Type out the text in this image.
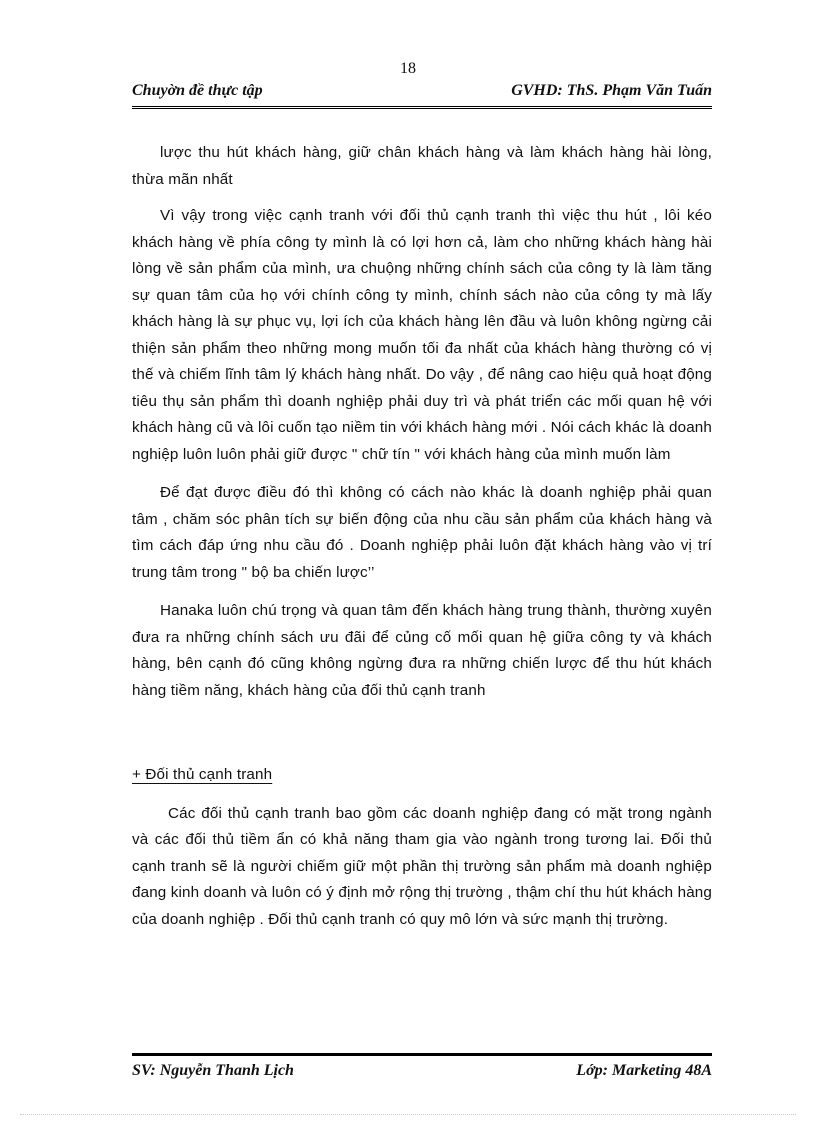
18
Chuyờn đề thực tập	GVHD: ThS. Phạm Văn Tuấn

lược thu hút khách hàng, giữ chân khách hàng và làm khách hàng hài lòng, thừa mãn nhất

Vì vậy trong việc cạnh tranh với đối thủ cạnh tranh thì việc thu hút , lôi kéo khách hàng về phía công ty mình là có lợi hơn cả, làm cho những khách hàng hài lòng về sản phẩm của mình, ưa chuộng những chính sách của công ty là làm tăng sự quan tâm của họ với chính công ty mình, chính sách nào của công ty mà lấy khách hàng là sự phục vụ, lợi ích của khách hàng lên đầu và luôn không ngừng cải thiện sản phẩm theo những mong muốn tối đa nhất của khách hàng thường có vị thế và chiếm lĩnh tâm lý khách hàng nhất. Do vậy , để nâng cao hiệu quả hoạt động tiêu thụ sản phẩm thì doanh nghiệp phải duy trì và phát triển các mối quan hệ với khách hàng cũ và lôi cuốn tạo niềm tin với khách hàng mới . Nói cách khác là doanh nghiệp luôn luôn phải giữ được " chữ tín " với khách hàng của mình muốn làm

Để đạt được điều đó thì không có cách nào khác là doanh nghiệp phải quan tâm , chăm sóc phân tích sự biến động của nhu cầu sản phẩm của khách hàng và tìm cách đáp ứng nhu cầu đó . Doanh nghiệp phải luôn đặt khách hàng vào vị trí trung tâm trong " bộ ba chiến lược’’

Hanaka luôn chú trọng và quan tâm đến khách hàng trung thành, thường xuyên đưa ra những chính sách ưu đãi để củng cố mối quan hệ giữa công ty và khách hàng, bên cạnh đó cũng không ngừng đưa ra những chiến lược để thu hút khách hàng tiềm năng, khách hàng của đối thủ cạnh tranh

+ Đối thủ cạnh tranh

Các đối thủ cạnh tranh bao gồm các doanh nghiệp đang có mặt trong ngành và các đối thủ tiềm ẩn có khả năng tham gia vào ngành trong tương lai. Đối thủ cạnh tranh sẽ là người chiếm giữ một phần thị trường sản phẩm mà doanh nghiệp đang kinh doanh và luôn có ý định mở rộng thị trường , thậm chí thu hút khách hàng của doanh nghiệp . Đối thủ cạnh tranh có quy mô lớn và sức mạnh thị trường.

SV: Nguyễn Thanh Lịch	Lớp: Marketing 48A
